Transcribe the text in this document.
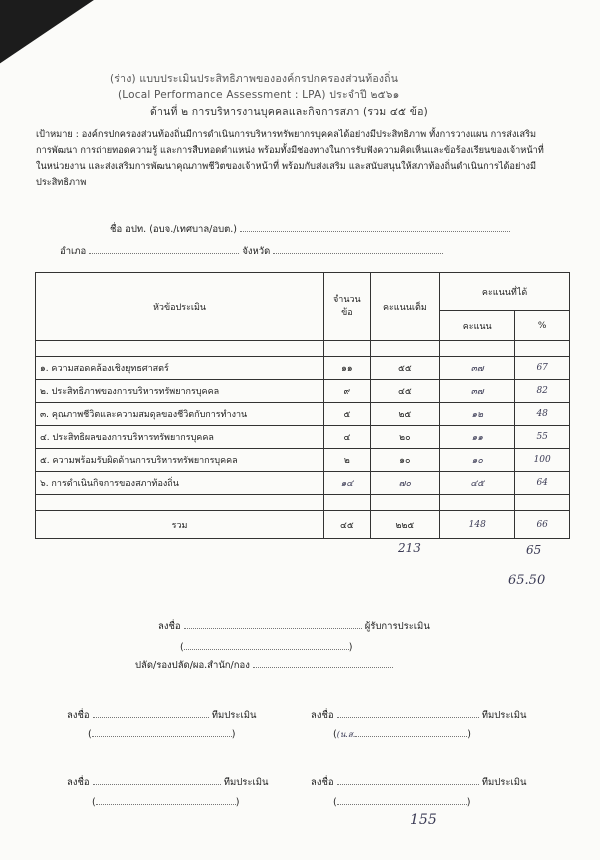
(ร่าง) แบบประเมินประสิทธิภาพขององค์กรปกครองส่วนท้องถิ่น
(Local Performance Assessment : LPA) ประจำปี ๒๕๖๑
ด้านที่ ๒ การบริหารงานบุคคลและกิจการสภา (รวม ๔๕ ข้อ)
เป้าหมาย : องค์กรปกครองส่วนท้องถิ่นมีการดำเนินการบริหารทรัพยากรบุคคลได้อย่างมีประสิทธิภาพ ทั้งการวางแผน การส่งเสริม การพัฒนา การถ่ายทอดความรู้ และการสืบทอดตำแหน่ง พร้อมทั้งมีช่องทางในการรับฟังความคิดเห็นและข้อร้องเรียนของเจ้าหน้าที่ในหน่วยงาน และส่งเสริมการพัฒนาคุณภาพชีวิตของเจ้าหน้าที่ พร้อมกับส่งเสริม และสนับสนุนให้สภาท้องถิ่นดำเนินการได้อย่างมีประสิทธิภาพ
ชื่อ อปท. (อบจ./เทศบาล/อบต.)
อำเภอ	จังหวัด
หัวข้อประเมิน	จำนวนข้อ	คะแนนเต็ม	คะแนนที่ได้	
			คะแนน	%

๑. ความสอดคล้องเชิงยุทธศาสตร์	๑๑	๕๕	๓๗	67
๒. ประสิทธิภาพของการบริหารทรัพยากรบุคคล	๙	๔๕	๓๗	82
๓. คุณภาพชีวิตและความสมดุลของชีวิตกับการทำงาน	๕	๒๕	๑๒	48
๔. ประสิทธิผลของการบริหารทรัพยากรบุคคล	๔	๒๐	๑๑	55
๕. ความพร้อมรับผิดด้านการบริหารทรัพยากรบุคคล	๒	๑๐	๑๐	100
๖. การดำเนินกิจการของสภาท้องถิ่น	๑๔	๗๐	๔๕	64

รวม	๔๕	๒๒๕	148	66
213	65
65.50
ลงชื่อ	ผู้รับการประเมิน
(	)
ปลัด/รองปลัด/ผอ.สำนัก/กอง
ลงชื่อ	ทีมประเมิน
(	)
ลงชื่อ	ทีมประเมิน
((น.ส.	)
ลงชื่อ	ทีมประเมิน
(	)
ลงชื่อ	ทีมประเมิน
(	)
155
